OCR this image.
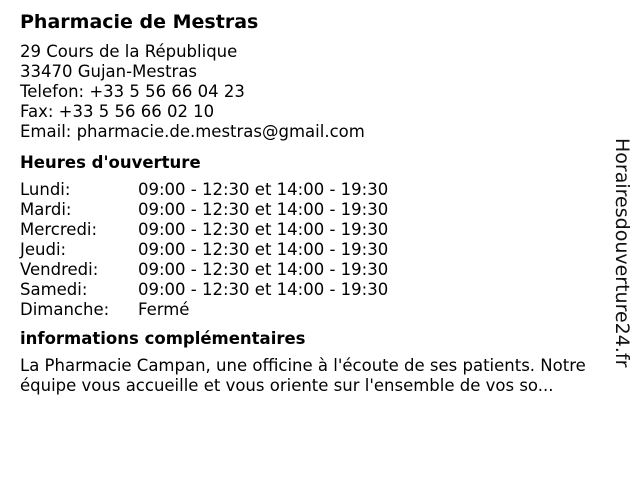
Pharmacie de Mestras
29 Cours de la République
33470 Gujan-Mestras
Telefon: +33 5 56 66 04 23
Fax: +33 5 56 66 02 10
Email: pharmacie.de.mestras@gmail.com
Heures d'ouverture
Lundi:	09:00 - 12:30 et 14:00 - 19:30
Mardi:	09:00 - 12:30 et 14:00 - 19:30
Mercredi:	09:00 - 12:30 et 14:00 - 19:30
Jeudi:	09:00 - 12:30 et 14:00 - 19:30
Vendredi:	09:00 - 12:30 et 14:00 - 19:30
Samedi:	09:00 - 12:30 et 14:00 - 19:30
Dimanche:	Fermé
informations complémentaires
La Pharmacie Campan, une officine à l'écoute de ses patients. Notre équipe vous accueille et vous oriente sur l'ensemble de vos so...
Horairesdouverture24.fr
